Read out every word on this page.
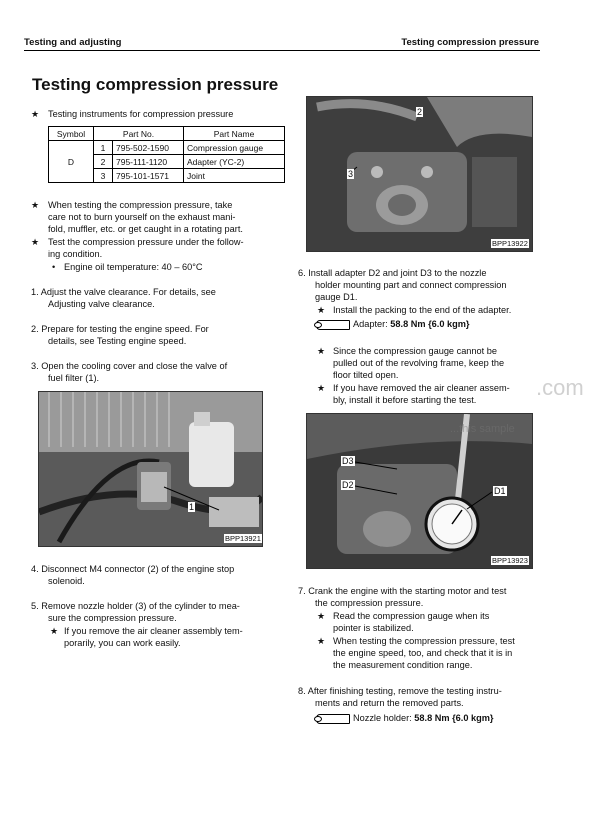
Testing and adjusting	Testing compression pressure
Testing compression pressure
★ Testing instruments for compression pressure
Symbol	Part No.		Part Name
D	1	795-502-1590	Compression gauge
	2	795-111-1120	Adapter (YC-2)
	3	795-101-1571	Joint
★ When testing the compression pressure, take
care not to burn yourself on the exhaust mani-
fold, muffler, etc. or get caught in a rotating part.
★ Test the compression pressure under the follow-
ing condition.
• Engine oil temperature: 40 – 60°C
1. Adjust the valve clearance. For details, see
Adjusting valve clearance.
2. Prepare for testing the engine speed. For
details, see Testing engine speed.
3. Open the cooling cover and close the valve of
fuel filter (1).
1
BPP13921
4. Disconnect M4 connector (2) of the engine stop
solenoid.
5. Remove nozzle holder (3) of the cylinder to mea-
sure the compression pressure.
★ If you remove the air cleaner assembly tem-
porarily, you can work easily.
2
3
BPP13922
6. Install adapter D2 and joint D3 to the nozzle
holder mounting part and connect compression
gauge D1.
★ Install the packing to the end of the adapter.
Adapter: 58.8 Nm {6.0 kgm}
★ Since the compression gauge cannot be
pulled out of the revolving frame, keep the
floor tilted open.
★ If you have removed the air cleaner assem-
bly, install it before starting the test.
D3
D2
D1
BPP13923
7. Crank the engine with the starting motor and test
the compression pressure.
★ Read the compression gauge when its
pointer is stabilized.
★ When testing the compression pressure, test
the engine speed, too, and check that it is in
the measurement condition range.
8. After finishing testing, remove the testing instru-
ments and return the removed parts.
Nozzle holder: 58.8 Nm {6.0 kgm}
.com
...this sample
